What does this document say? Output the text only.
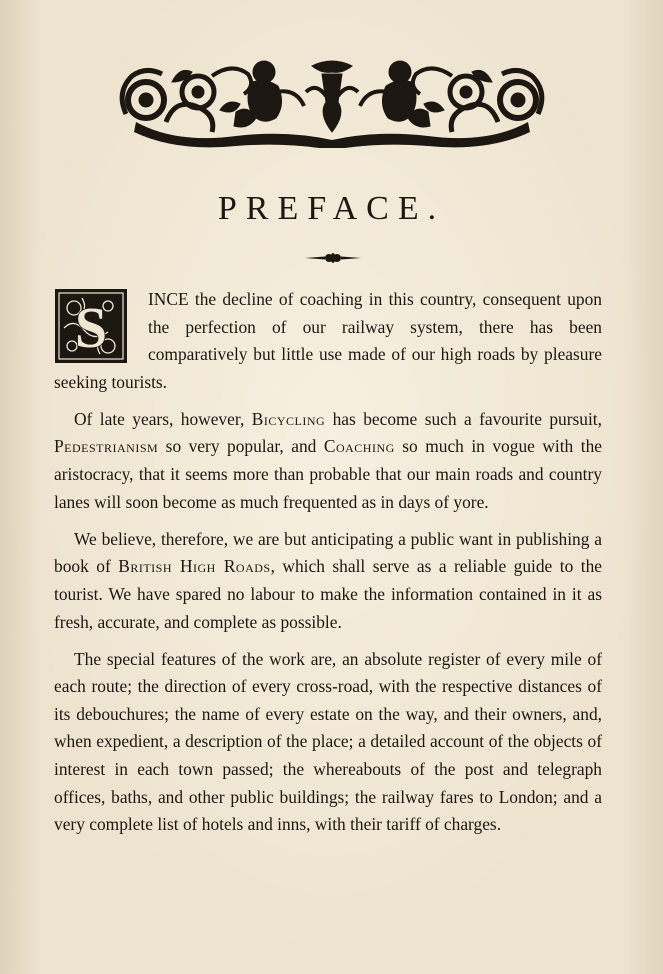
PREFACE.

S INCE the decline of coaching in this country, consequent upon the perfection of our railway system, there has been comparatively but little use made of our high roads by pleasure seeking tourists.

Of late years, however, Bicycling has become such a favourite pursuit, Pedestrianism so very popular, and Coaching so much in vogue with the aristocracy, that it seems more than probable that our main roads and country lanes will soon become as much frequented as in days of yore.

We believe, therefore, we are but anticipating a public want in publishing a book of British High Roads, which shall serve as a reliable guide to the tourist. We have spared no labour to make the information contained in it as fresh, accurate, and complete as possible.

The special features of the work are, an absolute register of every mile of each route; the direction of every cross-road, with the respective distances of its debouchures; the name of every estate on the way, and their owners, and, when expedient, a description of the place; a detailed account of the objects of interest in each town passed; the whereabouts of the post and telegraph offices, baths, and other public buildings; the railway fares to London; and a very complete list of hotels and inns, with their tariff of charges.
